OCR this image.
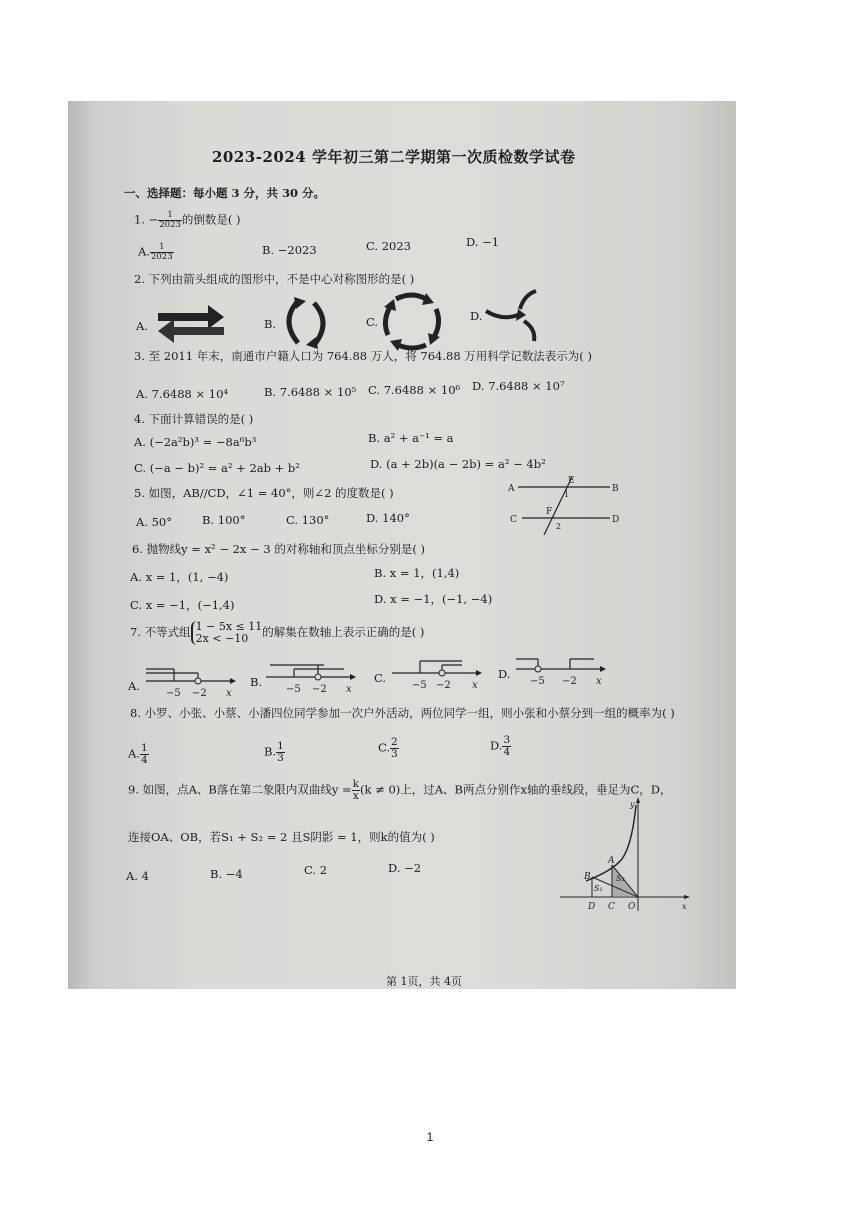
2023-2024 学年初三第二学期第一次质检数学试卷
一、选择题：每小题 3 分，共 30 分。
1. − $\frac{1}{2023}$ 的倒数是( )
A. $\frac{1}{2023}$	B. −2023	C. 2023	D. −1
2. 下列由箭头组成的图形中，不是中心对称图形的是( )
A.	B.	C.	D.
3. 至 2011 年末，南通市户籍人口为 764.88 万人，将 764.88 万用科学记数法表示为( )
A. 7.6488 × 10⁴	B. 7.6488 × 10⁵ C. 7.6488 × 10⁶ D. 7.6488 × 10⁷
4. 下面计算错误的是( )
A. (−2a²b)³ = −8a⁶b³	B. a² + a⁻¹ = a
C. (−a − b)² = a² + 2ab + b²	D. (a + 2b)(a − 2b) = a² − 4b²
5. 如图，AB//CD，∠1 = 40°，则∠2 的度数是( )
A. 50°	B. 100°	C. 130°	D. 140°
A	B
C	D
E
F
1
2
6. 抛物线y = x² − 2x − 3 的对称轴和顶点坐标分别是( )
A. x = 1，(1, −4)	B. x = 1，(1,4)
C. x = −1，(−1,4)	D. x = −1，(−1, −4)
7. 不等式组 1 − 5x ≤ 11
2x < −10	的解集在数轴上表示正确的是( )
A.	B.	C.	D.
−5 −2 x	−5 −2 x	−5 −2 x	−5 −2 x
8. 小罗、小张、小蔡、小潘四位同学参加一次户外活动，两位同学一组，则小张和小蔡分到一组的概率为( )
A. $\frac{1}{4}$	B. $\frac{1}{3}$	C. $\frac{2}{3}$	D. $\frac{3}{4}$
9. 如图，点A、B落在第二象限内双曲线$y = \frac{k}{x} (k \ne 0)$上，过A、B两点分别作x轴的垂线段，垂足为C，D，
连接OA、OB，若S₁ + S₂ = 2 且S阴影 = 1，则k的值为( )
A. 4	B. −4	C. 2	D. −2
y
x
A
B
S₁
S₂
D C O
第 1页，共 4页
1
